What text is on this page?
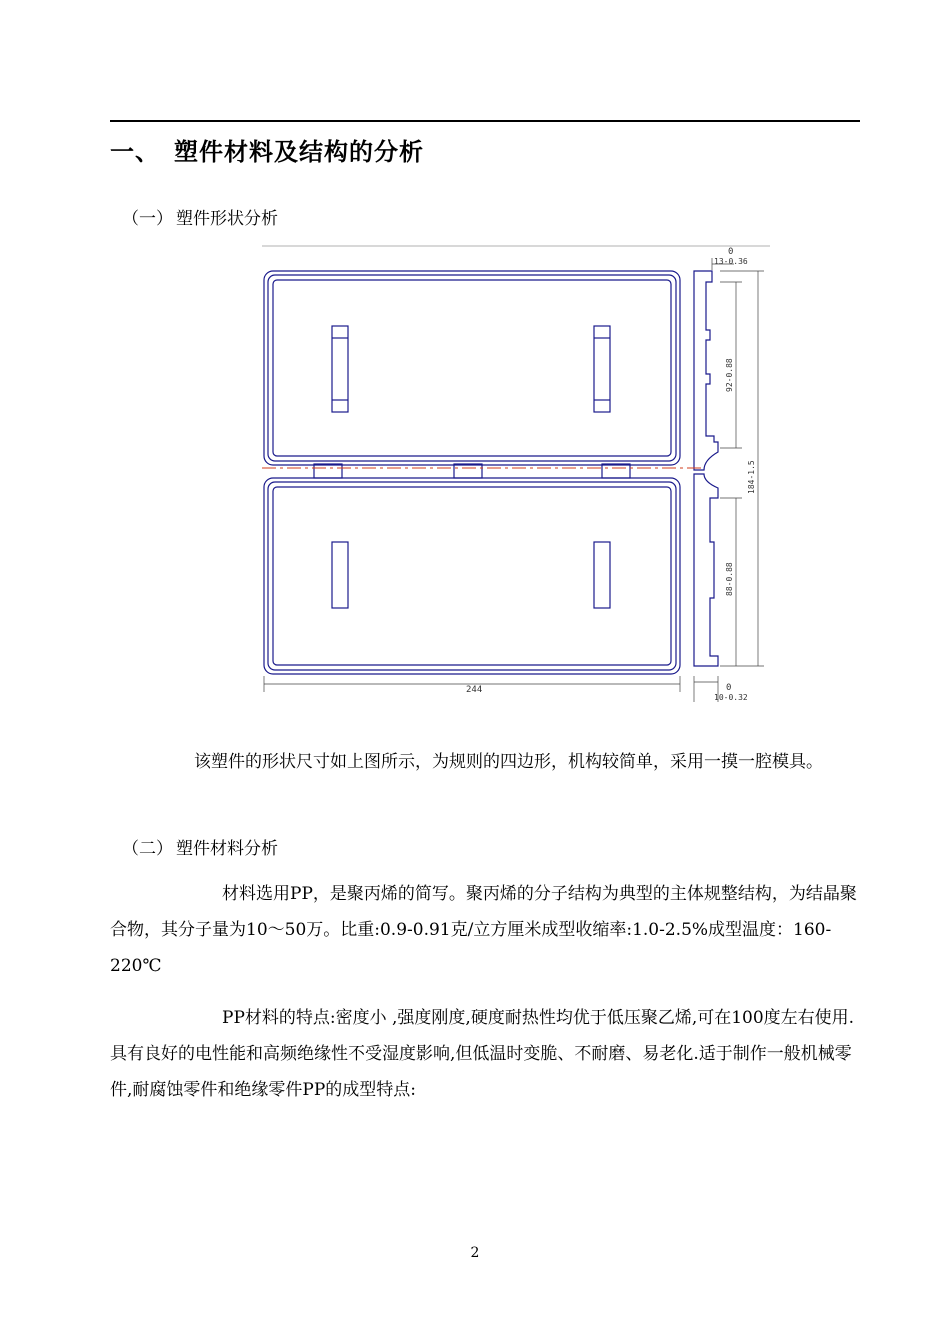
一、 塑件材料及结构的分析
（一） 塑件形状分析
244
0
13-0.36
0
10-0.32
92-0.88
88-0.88
184-1.5
该塑件的形状尺寸如上图所示，为规则的四边形，机构较简单，采用一摸一腔模具。
（二） 塑件材料分析
材料选用PP，是聚丙烯的简写。聚丙烯的分子结构为典型的主体规整结构，为结晶聚合物，其分子量为10～50万。比重:0.9-0.91克/立方厘米成型收缩率:1.0-2.5%成型温度：160-220℃
PP材料的特点:密度小 ,强度刚度,硬度耐热性均优于低压聚乙烯,可在100度左右使用.具有良好的电性能和高频绝缘性不受湿度影响,但低温时变脆、不耐磨、易老化.适于制作一般机械零件,耐腐蚀零件和绝缘零件PP的成型特点:
2
